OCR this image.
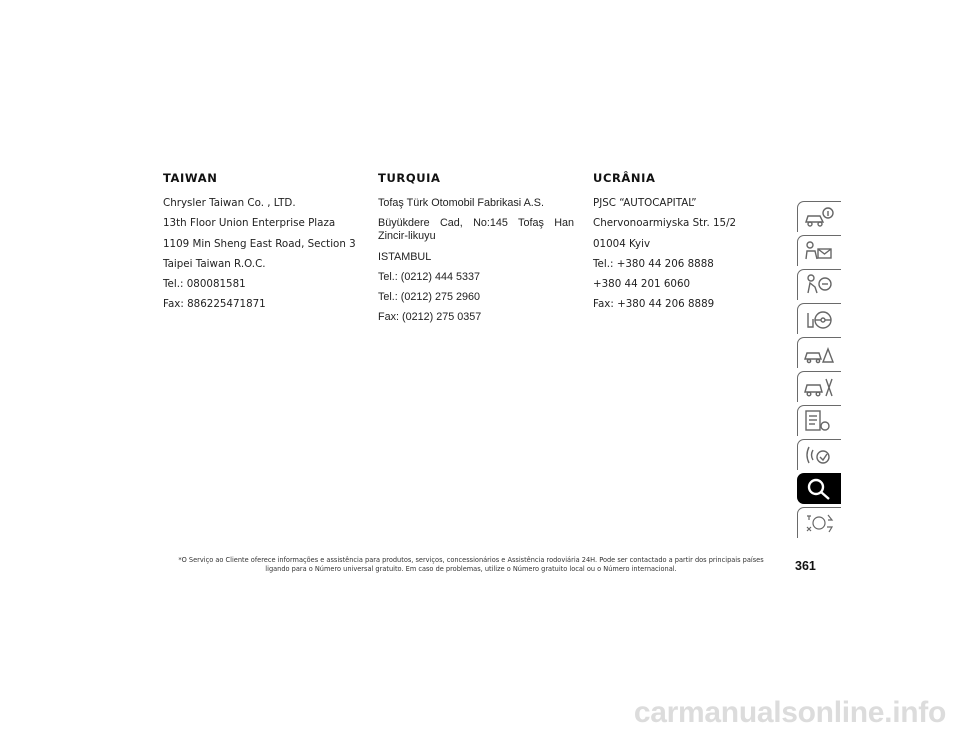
TAIWAN
Chrysler Taiwan Co. , LTD.
13th Floor Union Enterprise Plaza
1109 Min Sheng East Road, Section 3
Taipei Taiwan R.O.C.
Tel.: 080081581
Fax: 886225471871
TURQUIA
Tofaş Türk Otomobil Fabrikasi A.S.
Büyükdere Cad, No:145 Tofaş Han Zincir-likuyu
ISTAMBUL
Tel.: (0212) 444 5337
Tel.: (0212) 275 2960
Fax: (0212) 275 0357
UCRÂNIA
PJSC “AUTOCAPITAL”
Chervonoarmiyska Str. 15/2
01004 Kyiv
Tel.: +380 44 206 8888
+380 44 201 6060
Fax: +380 44 206 8889
*O Serviço ao Cliente oferece informações e assistência para produtos, serviços, concessionários e Assistência rodoviária 24H. Pode ser contactado a partir dos principais países
ligando para o Número universal gratuito. Em caso de problemas, utilize o Número gratuito local ou o Número internacional.	361
carmanualsonline.info
